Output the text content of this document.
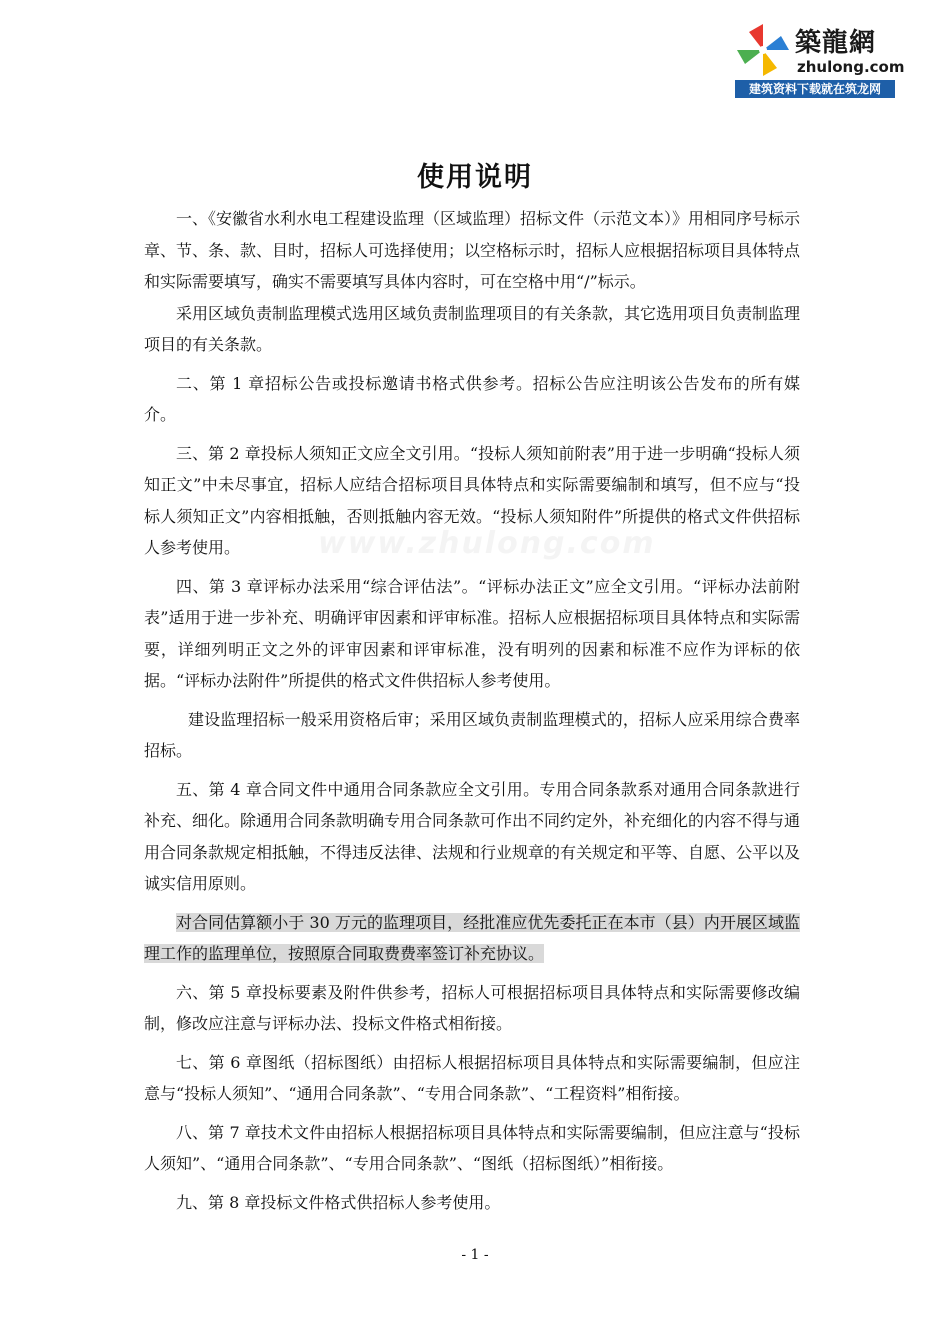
築龍網
zhulong.com
建筑资料下载就在筑龙网
www.zhulong.com
使用说明

一、《安徽省水利水电工程建设监理（区域监理）招标文件（示范文本）》用相同序号标示章、节、条、款、目时，招标人可选择使用；以空格标示时，招标人应根据招标项目具体特点和实际需要填写，确实不需要填写具体内容时，可在空格中用“/”标示。

采用区域负责制监理模式选用区域负责制监理项目的有关条款，其它选用项目负责制监理项目的有关条款。

二、第 1 章招标公告或投标邀请书格式供参考。招标公告应注明该公告发布的所有媒介。

三、第 2 章投标人须知正文应全文引用。“投标人须知前附表”用于进一步明确“投标人须知正文”中未尽事宜，招标人应结合招标项目具体特点和实际需要编制和填写，但不应与“投标人须知正文”内容相抵触，否则抵触内容无效。“投标人须知附件”所提供的格式文件供招标人参考使用。

四、第 3 章评标办法采用“综合评估法”。“评标办法正文”应全文引用。“评标办法前附表”适用于进一步补充、明确评审因素和评审标准。招标人应根据招标项目具体特点和实际需要，详细列明正文之外的评审因素和评审标准，没有明列的因素和标准不应作为评标的依据。“评标办法附件”所提供的格式文件供招标人参考使用。

建设监理招标一般采用资格后审；采用区域负责制监理模式的，招标人应采用综合费率招标。

五、第 4 章合同文件中通用合同条款应全文引用。专用合同条款系对通用合同条款进行补充、细化。除通用合同条款明确专用合同条款可作出不同约定外，补充细化的内容不得与通用合同条款规定相抵触，不得违反法律、法规和行业规章的有关规定和平等、自愿、公平以及诚实信用原则。

对合同估算额小于 30 万元的监理项目，经批准应优先委托正在本市（县）内开展区域监理工作的监理单位，按照原合同取费费率签订补充协议。

六、第 5 章投标要素及附件供参考，招标人可根据招标项目具体特点和实际需要修改编制，修改应注意与评标办法、投标文件格式相衔接。

七、第 6 章图纸（招标图纸）由招标人根据招标项目具体特点和实际需要编制，但应注意与“投标人须知”、“通用合同条款”、“专用合同条款”、“工程资料”相衔接。

八、第 7 章技术文件由招标人根据招标项目具体特点和实际需要编制，但应注意与“投标人须知”、“通用合同条款”、“专用合同条款”、“图纸（招标图纸）”相衔接。

九、第 8 章投标文件格式供招标人参考使用。

- 1 -
